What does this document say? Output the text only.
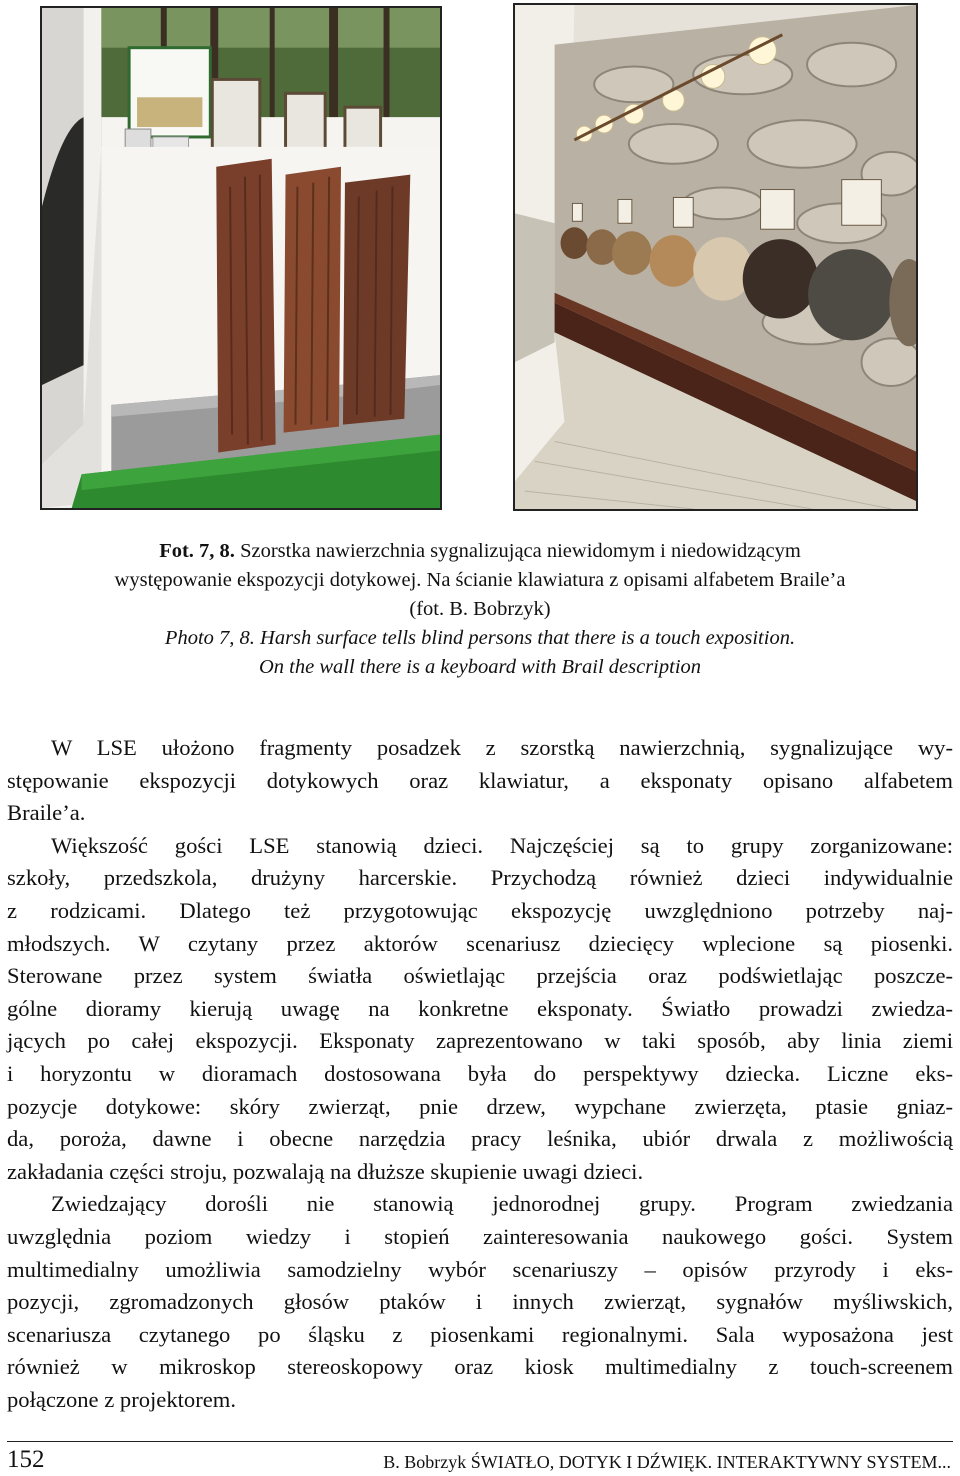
Fot. 7, 8. Szorstka nawierzchnia sygnalizująca niewidomym i niedowidzącym
występowanie ekspozycji dotykowej. Na ścianie klawiatura z opisami alfabetem Braile’a
(fot. B. Bobrzyk)
Photo 7, 8. Harsh surface tells blind persons that there is a touch exposition.
On the wall there is a keyboard with Brail description
W LSE ułożono fragmenty posadzek z szorstką nawierzchnią, sygnalizujące wy-
stępowanie ekspozycji dotykowych oraz klawiatur, a eksponaty opisano alfabetem
Braile’a.
Większość gości LSE stanowią dzieci. Najczęściej są to grupy zorganizowane:
szkoły, przedszkola, drużyny harcerskie. Przychodzą również dzieci indywidualnie
z rodzicami. Dlatego też przygotowując ekspozycję uwzględniono potrzeby naj-
młodszych. W czytany przez aktorów scenariusz dziecięcy wplecione są piosenki.
Sterowane przez system światła oświetlając przejścia oraz podświetlając poszcze-
gólne dioramy kierują uwagę na konkretne eksponaty. Światło prowadzi zwiedza-
jących po całej ekspozycji. Eksponaty zaprezentowano w taki sposób, aby linia ziemi
i horyzontu w dioramach dostosowana była do perspektywy dziecka. Liczne eks-
pozycje dotykowe: skóry zwierząt, pnie drzew, wypchane zwierzęta, ptasie gniaz-
da, poroża, dawne i obecne narzędzia pracy leśnika, ubiór drwala z możliwością
zakładania części stroju, pozwalają na dłuższe skupienie uwagi dzieci.
Zwiedzający dorośli nie stanowią jednorodnej grupy. Program zwiedzania
uwzględnia poziom wiedzy i stopień zainteresowania naukowego gości. System
multimedialny umożliwia samodzielny wybór scenariuszy – opisów przyrody i eks-
pozycji, zgromadzonych głosów ptaków i innych zwierząt, sygnałów myśliwskich,
scenariusza czytanego po śląsku z piosenkami regionalnymi. Sala wyposażona jest
również w mikroskop stereoskopowy oraz kiosk multimedialny z touch-screenem
połączone z projektorem.
152	B. Bobrzyk ŚWIATŁO, DOTYK I DŹWIĘK. INTERAKTYWNY SYSTEM...
